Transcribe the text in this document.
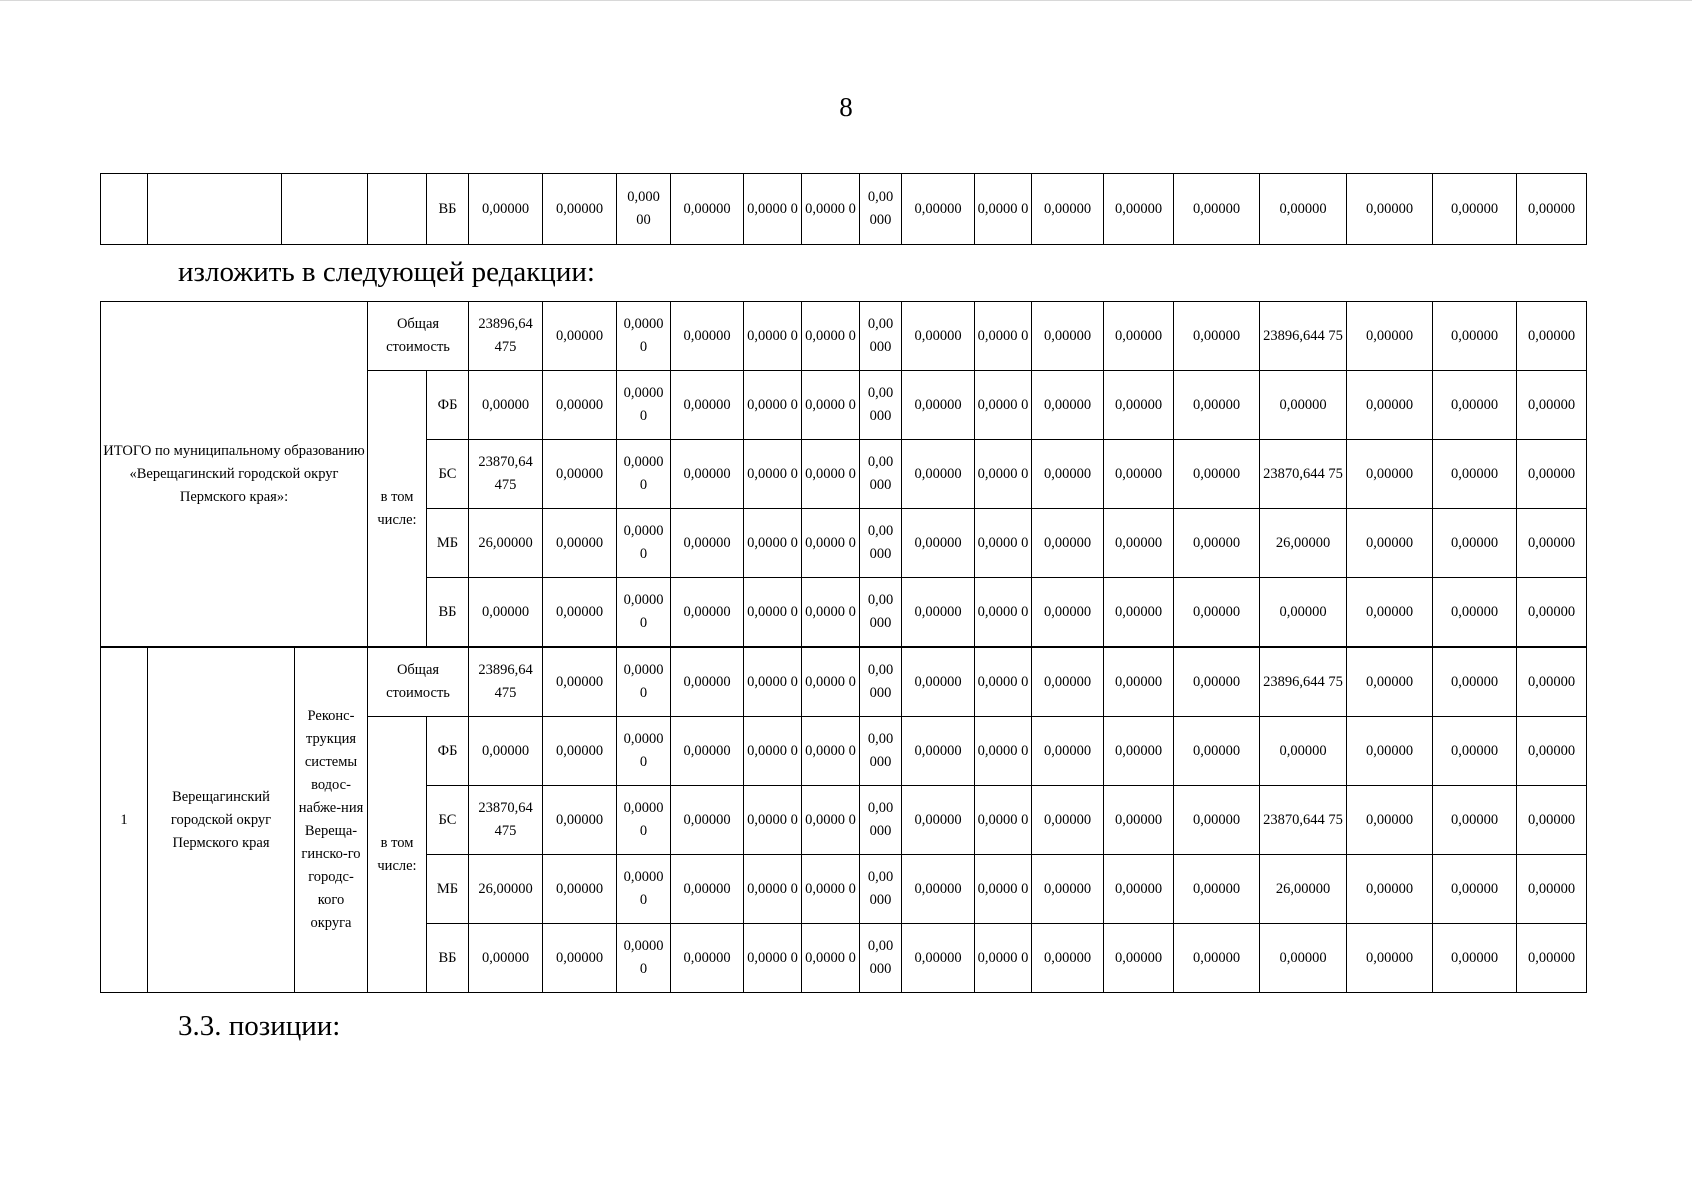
8
				ВБ	0,00000	0,00000	0,000 00	0,00000	0,0000 0	0,0000 0	0,00 000	0,00000	0,0000 0	0,00000	0,00000	0,00000	0,00000	0,00000	0,00000	0,00000
изложить в следующей редакции:
ИТОГО по муниципальному образованию «Верещагинский городской округ Пермского края»:	Общая стоимость		23896,64 475	0,00000	0,0000 0	0,00000	0,0000 0	0,0000 0	0,00 000	0,00000	0,0000 0	0,00000	0,00000	0,00000	23896,644 75	0,00000	0,00000	0,00000
	в том числе:	ФБ	0,00000	0,00000	0,0000 0	0,00000	0,0000 0	0,0000 0	0,00 000	0,00000	0,0000 0	0,00000	0,00000	0,00000	0,00000	0,00000	0,00000	0,00000
		БС	23870,64 475	0,00000	0,0000 0	0,00000	0,0000 0	0,0000 0	0,00 000	0,00000	0,0000 0	0,00000	0,00000	0,00000	23870,644 75	0,00000	0,00000	0,00000
		МБ	26,00000	0,00000	0,0000 0	0,00000	0,0000 0	0,0000 0	0,00 000	0,00000	0,0000 0	0,00000	0,00000	0,00000	26,00000	0,00000	0,00000	0,00000
		ВБ	0,00000	0,00000	0,0000 0	0,00000	0,0000 0	0,0000 0	0,00 000	0,00000	0,0000 0	0,00000	0,00000	0,00000	0,00000	0,00000	0,00000	0,00000
1	Верещагинский городской округ Пермского края	Реконс-трукция системы водос-набже-ния Вереща-гинско-го городс-кого округа	Общая стоимость		23896,64 475	0,00000	0,0000 0	0,00000	0,0000 0	0,0000 0	0,00 000	0,00000	0,0000 0	0,00000	0,00000	0,00000	23896,644 75	0,00000	0,00000	0,00000
			в том числе:	ФБ	0,00000	0,00000	0,0000 0	0,00000	0,0000 0	0,0000 0	0,00 000	0,00000	0,0000 0	0,00000	0,00000	0,00000	0,00000	0,00000	0,00000	0,00000
				БС	23870,64 475	0,00000	0,0000 0	0,00000	0,0000 0	0,0000 0	0,00 000	0,00000	0,0000 0	0,00000	0,00000	0,00000	23870,644 75	0,00000	0,00000	0,00000
				МБ	26,00000	0,00000	0,0000 0	0,00000	0,0000 0	0,0000 0	0,00 000	0,00000	0,0000 0	0,00000	0,00000	0,00000	26,00000	0,00000	0,00000	0,00000
				ВБ	0,00000	0,00000	0,0000 0	0,00000	0,0000 0	0,0000 0	0,00 000	0,00000	0,0000 0	0,00000	0,00000	0,00000	0,00000	0,00000	0,00000	0,00000
3.3. позиции:
